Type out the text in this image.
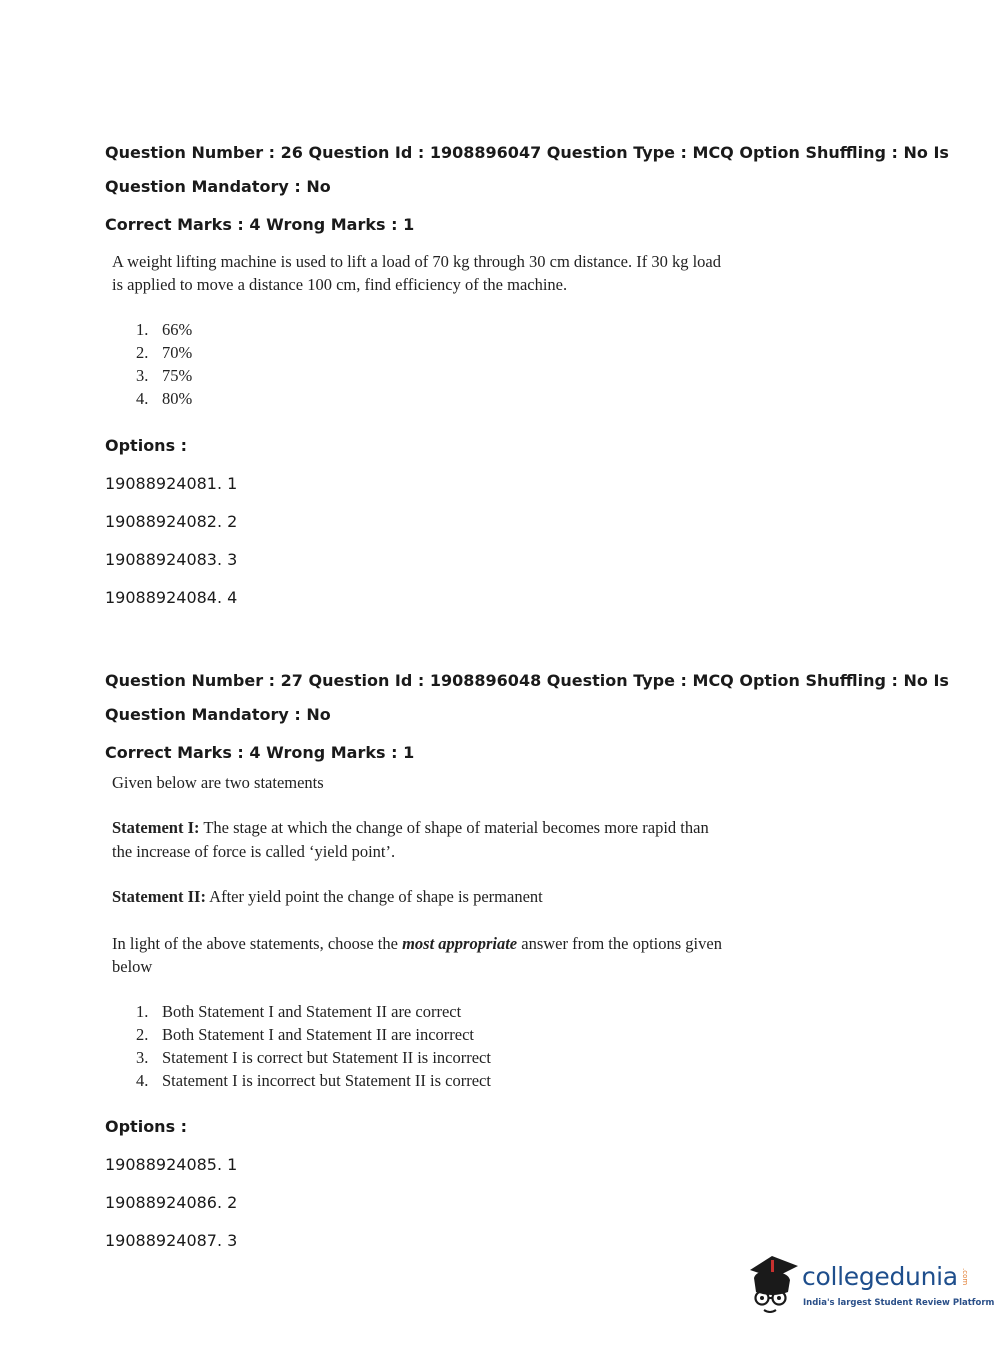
Question Number : 26 Question Id : 1908896047 Question Type : MCQ Option Shuffling : No Is
Question Mandatory : No
Correct Marks : 4 Wrong Marks : 1
A weight lifting machine is used to lift a load of 70 kg through 30 cm distance. If 30 kg load
is applied to move a distance 100 cm, find efficiency of the machine.
1. 66%
2. 70%
3. 75%
4. 80%
Options :
19088924081. 1
19088924082. 2
19088924083. 3
19088924084. 4
Question Number : 27 Question Id : 1908896048 Question Type : MCQ Option Shuffling : No Is
Question Mandatory : No
Correct Marks : 4 Wrong Marks : 1
Given below are two statements
Statement I: The stage at which the change of shape of material becomes more rapid than
the increase of force is called ‘yield point’.
Statement II: After yield point the change of shape is permanent
In light of the above statements, choose the most appropriate answer from the options given
below
1. Both Statement I and Statement II are correct
2. Both Statement I and Statement II are incorrect
3. Statement I is correct but Statement II is incorrect
4. Statement I is incorrect but Statement II is correct
Options :
19088924085. 1
19088924086. 2
19088924087. 3
collegedunia .com
India's largest Student Review Platform
